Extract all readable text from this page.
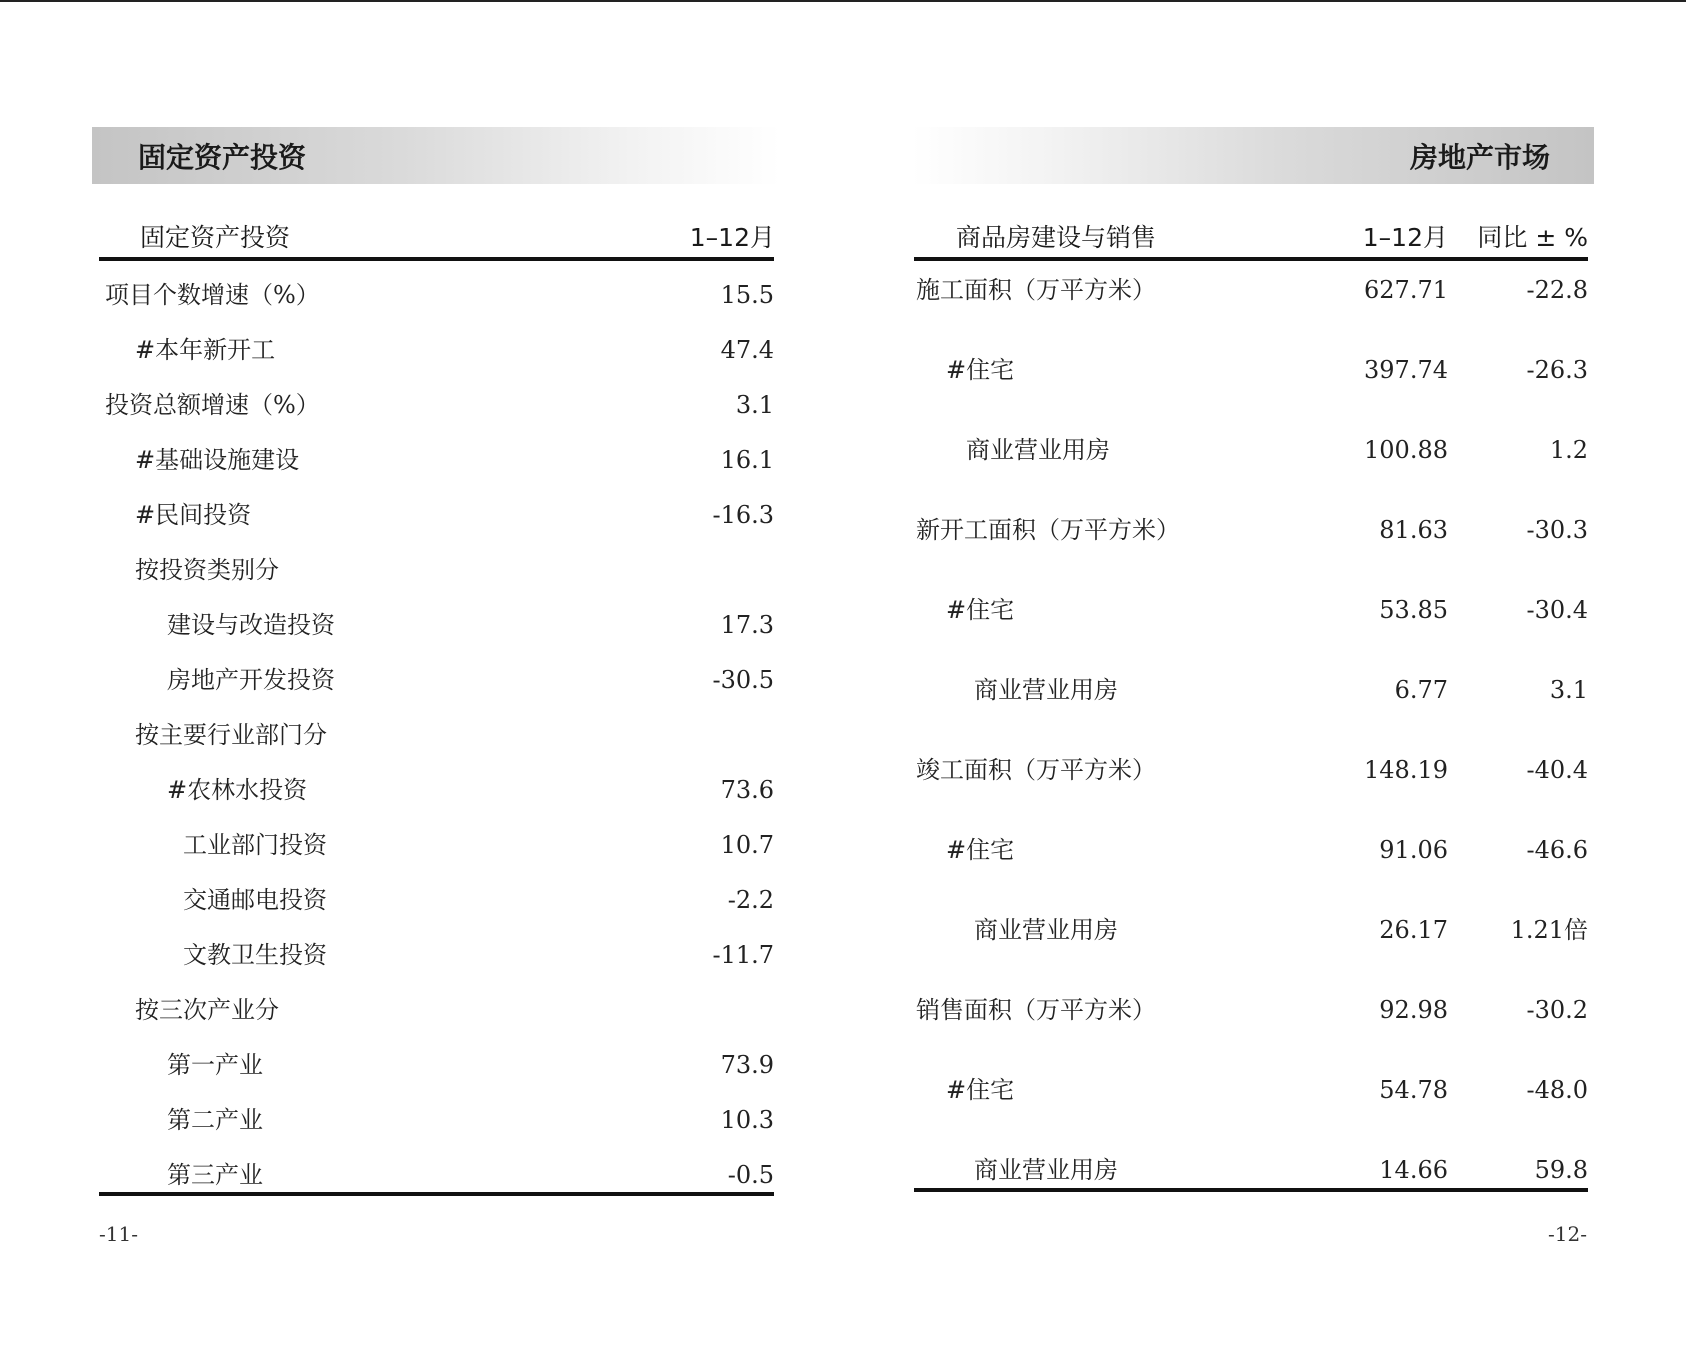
固定资产投资
固定资产投资	1–12月
项目个数增速（%）	15.5
#本年新开工	47.4
投资总额增速（%）	3.1
#基础设施建设	16.1
#民间投资	-16.3
按投资类别分
建设与改造投资	17.3
房地产开发投资	-30.5
按主要行业部门分
#农林水投资	73.6
工业部门投资	10.7
交通邮电投资	-2.2
文教卫生投资	-11.7
按三次产业分
第一产业	73.9
第二产业	10.3
第三产业	-0.5
-11-
房地产市场
商品房建设与销售	1–12月 同比 ± %
施工面积（万平方米）	627.71	-22.8
#住宅	397.74	-26.3
商业营业用房	100.88	1.2
新开工面积（万平方米）	81.63	-30.3
#住宅	53.85	-30.4
商业营业用房	6.77	3.1
竣工面积（万平方米）	148.19	-40.4
#住宅	91.06	-46.6
商业营业用房	26.17	1.21倍
销售面积（万平方米）	92.98	-30.2
#住宅	54.78	-48.0
商业营业用房	14.66	59.8
-12-
